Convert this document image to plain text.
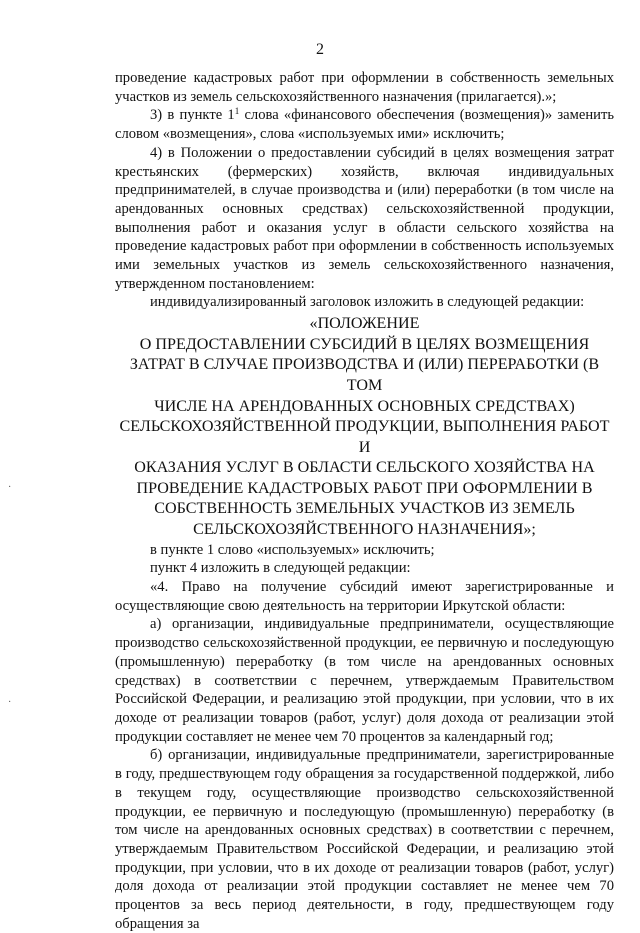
2
·
·

проведение кадастровых работ при оформлении в собственность земельных участков из земель сельскохозяйственного назначения (прилагается).»;

3) в пункте $1^1$ слова «финансового обеспечения (возмещения)» заменить словом «возмещения», слова «используемых ими» исключить;

4) в Положении о предоставлении субсидий в целях возмещения затрат крестьянских (фермерских) хозяйств, включая индивидуальных предпринимателей, в случае производства и (или) переработки (в том числе на арендованных основных средствах) сельскохозяйственной продукции, выполнения работ и оказания услуг в области сельского хозяйства на проведение кадастровых работ при оформлении в собственность используемых ими земельных участков из земель сельскохозяйственного назначения, утвержденном постановлением:

индивидуализированный заголовок изложить в следующей редакции:

«ПОЛОЖЕНИЕ

О ПРЕДОСТАВЛЕНИИ СУБСИДИЙ В ЦЕЛЯХ ВОЗМЕЩЕНИЯ

ЗАТРАТ В СЛУЧАЕ ПРОИЗВОДСТВА И (ИЛИ) ПЕРЕРАБОТКИ (В ТОМ

ЧИСЛЕ НА АРЕНДОВАННЫХ ОСНОВНЫХ СРЕДСТВАХ)

СЕЛЬСКОХОЗЯЙСТВЕННОЙ ПРОДУКЦИИ, ВЫПОЛНЕНИЯ РАБОТ И

ОКАЗАНИЯ УСЛУГ В ОБЛАСТИ СЕЛЬСКОГО ХОЗЯЙСТВА НА

ПРОВЕДЕНИЕ КАДАСТРОВЫХ РАБОТ ПРИ ОФОРМЛЕНИИ В

СОБСТВЕННОСТЬ ЗЕМЕЛЬНЫХ УЧАСТКОВ ИЗ ЗЕМЕЛЬ

СЕЛЬСКОХОЗЯЙСТВЕННОГО НАЗНАЧЕНИЯ»;

в пункте 1 слово «используемых» исключить;

пункт 4 изложить в следующей редакции:

«4. Право на получение субсидий имеют зарегистрированные и осуществляющие свою деятельность на территории Иркутской области:

а) организации, индивидуальные предприниматели, осуществляющие производство сельскохозяйственной продукции, ее первичную и последующую (промышленную) переработку (в том числе на арендованных основных средствах) в соответствии с перечнем, утверждаемым Правительством Российской Федерации, и реализацию этой продукции, при условии, что в их доходе от реализации товаров (работ, услуг) доля дохода от реализации этой продукции составляет не менее чем 70 процентов за календарный год;

б) организации, индивидуальные предприниматели, зарегистрированные в году, предшествующем году обращения за государственной поддержкой, либо в текущем году, осуществляющие производство сельскохозяйственной продукции, ее первичную и последующую (промышленную) переработку (в том числе на арендованных основных средствах) в соответствии с перечнем, утверждаемым Правительством Российской Федерации, и реализацию этой продукции, при условии, что в их доходе от реализации товаров (работ, услуг) доля дохода от реализации этой продукции составляет не менее чем 70 процентов за весь период деятельности, в году, предшествующем году обращения за
